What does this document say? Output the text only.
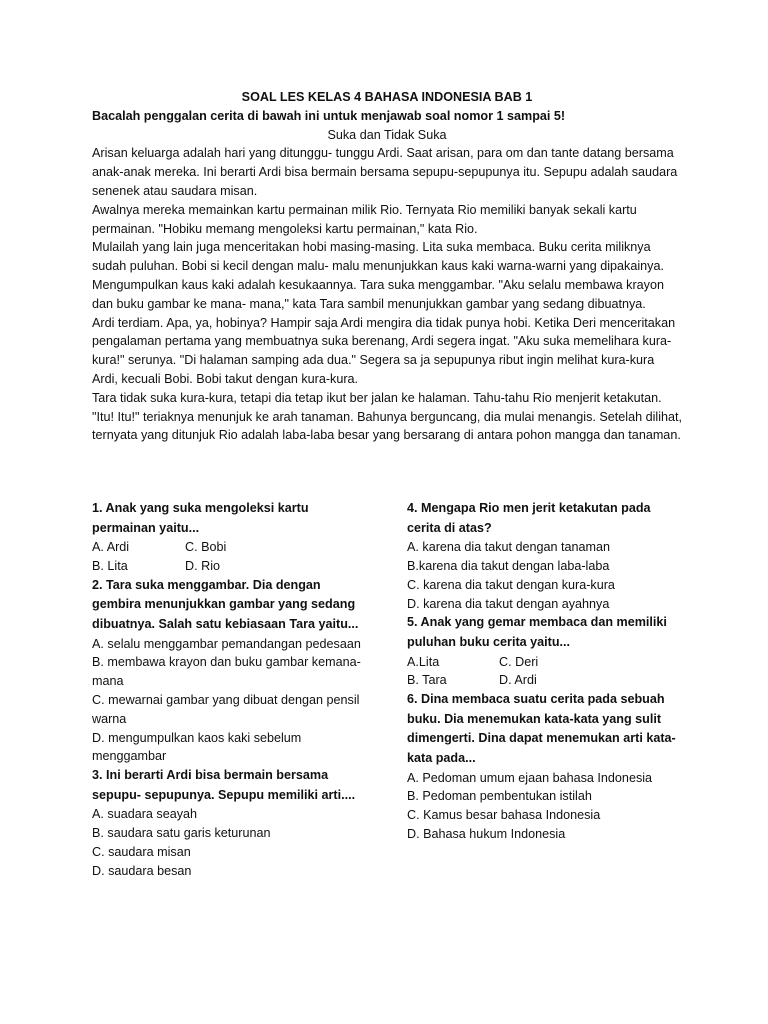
SOAL LES KELAS 4 BAHASA INDONESIA BAB 1
Bacalah penggalan cerita di bawah ini untuk menjawab soal nomor 1 sampai 5!
Suka dan Tidak Suka

Arisan keluarga adalah hari yang ditunggu- tunggu Ardi. Saat arisan, para om dan tante datang bersama anak-anak mereka. Ini berarti Ardi bisa bermain bersama sepupu-sepupunya itu. Sepupu adalah saudara senenek atau saudara misan.

Awalnya mereka memainkan kartu permainan milik Rio. Ternyata Rio memiliki banyak sekali kartu permainan. "Hobiku memang mengoleksi kartu permainan," kata Rio.

Mulailah yang lain juga menceritakan hobi masing-masing. Lita suka membaca. Buku cerita miliknya sudah puluhan. Bobi si kecil dengan malu- malu menunjukkan kaus kaki warna-warni yang dipakainya. Mengumpulkan kaus kaki adalah kesukaannya. Tara suka menggambar. "Aku selalu membawa krayon dan buku gambar ke mana- mana," kata Tara sambil menunjukkan gambar yang sedang dibuatnya.

Ardi terdiam. Apa, ya, hobinya? Hampir saja Ardi mengira dia tidak punya hobi. Ketika Deri menceritakan pengalaman pertama yang membuatnya suka berenang, Ardi segera ingat. "Aku suka memelihara kura-kura!" serunya. "Di halaman samping ada dua." Segera sa ja sepupunya ribut ingin melihat kura-kura Ardi, kecuali Bobi. Bobi takut dengan kura-kura.

Tara tidak suka kura-kura, tetapi dia tetap ikut ber jalan ke halaman. Tahu-tahu Rio menjerit ketakutan. "Itu! Itu!" teriaknya menunjuk ke arah tanaman. Bahunya berguncang, dia mulai menangis. Setelah dilihat, ternyata yang ditunjuk Rio adalah laba-laba besar yang bersarang di antara pohon mangga dan tanaman.

1. Anak yang suka mengoleksi kartu permainan yaitu...
A. Ardi	C. Bobi
B. Lita	D. Rio
2. Tara suka menggambar. Dia dengan gembira menunjukkan gambar yang sedang dibuatnya. Salah satu kebiasaan Tara yaitu...
A. selalu menggambar pemandangan pedesaan
B. membawa krayon dan buku gambar kemana-mana
C. mewarnai gambar yang dibuat dengan pensil warna
D. mengumpulkan kaos kaki sebelum menggambar
3. Ini berarti Ardi bisa bermain bersama sepupu- sepupunya. Sepupu memiliki arti....
A. suadara seayah
B. saudara satu garis keturunan
C. saudara misan
D. saudara besan
4. Mengapa Rio men jerit ketakutan pada cerita di atas?
A. karena dia takut dengan tanaman
B.karena dia takut dengan laba-laba
C. karena dia takut dengan kura-kura
D. karena dia takut dengan ayahnya
5. Anak yang gemar membaca dan memiliki puluhan buku cerita yaitu...
A.Lita	C. Deri
B. Tara	D. Ardi
6. Dina membaca suatu cerita pada sebuah buku. Dia menemukan kata-kata yang sulit dimengerti. Dina dapat menemukan arti kata- kata pada...
A. Pedoman umum ejaan bahasa Indonesia
B. Pedoman pembentukan istilah
C. Kamus besar bahasa Indonesia
D. Bahasa hukum Indonesia
